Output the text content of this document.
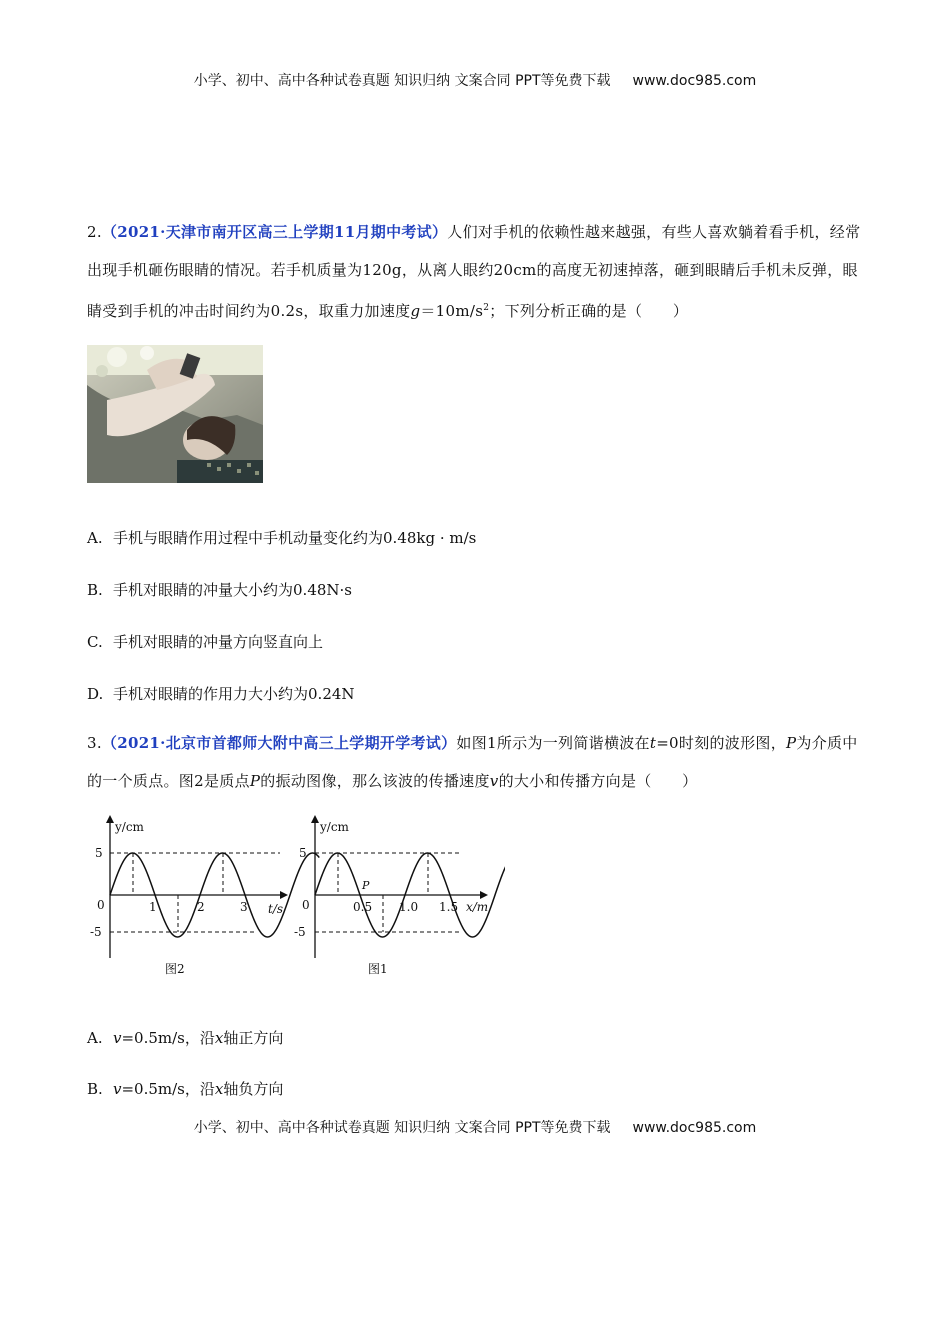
小学、初中、高中各种试卷真题 知识归纳 文案合同 PPT等免费下载 www.doc985.com
2.（2021·天津市南开区高三上学期11月期中考试）人们对手机的依赖性越来越强，有些人喜欢躺着看手机，经常出现手机砸伤眼睛的情况。若手机质量为120g，从离人眼约20cm的高度无初速掉落，砸到眼睛后手机未反弹，眼睛受到手机的冲击时间约为0.2s，取重力加速度$g=10m/s^2$；下列分析正确的是（　　）
A. 手机与眼睛作用过程中手机动量变化约为0.48kg · m/s
B. 手机对眼睛的冲量大小约为0.48N·s
C. 手机对眼睛的冲量方向竖直向上
D. 手机对眼睛的作用力大小约为0.24N
3.（2021·北京市首都师大附中高三上学期开学考试）如图1所示为一列简谐横波在t=0时刻的波形图，P为介质中的一个质点。图2是质点P的振动图像，那么该波的传播速度v的大小和传播方向是（　　）
y/cm
5
0
-5
1	2	3 t/s
图2
y/cm
5
0
-5
0.5 1.0 1.5 x/m
P
图1
A. v=0.5m/s，沿x轴正方向
B. v=0.5m/s，沿x轴负方向
小学、初中、高中各种试卷真题 知识归纳 文案合同 PPT等免费下载 www.doc985.com
